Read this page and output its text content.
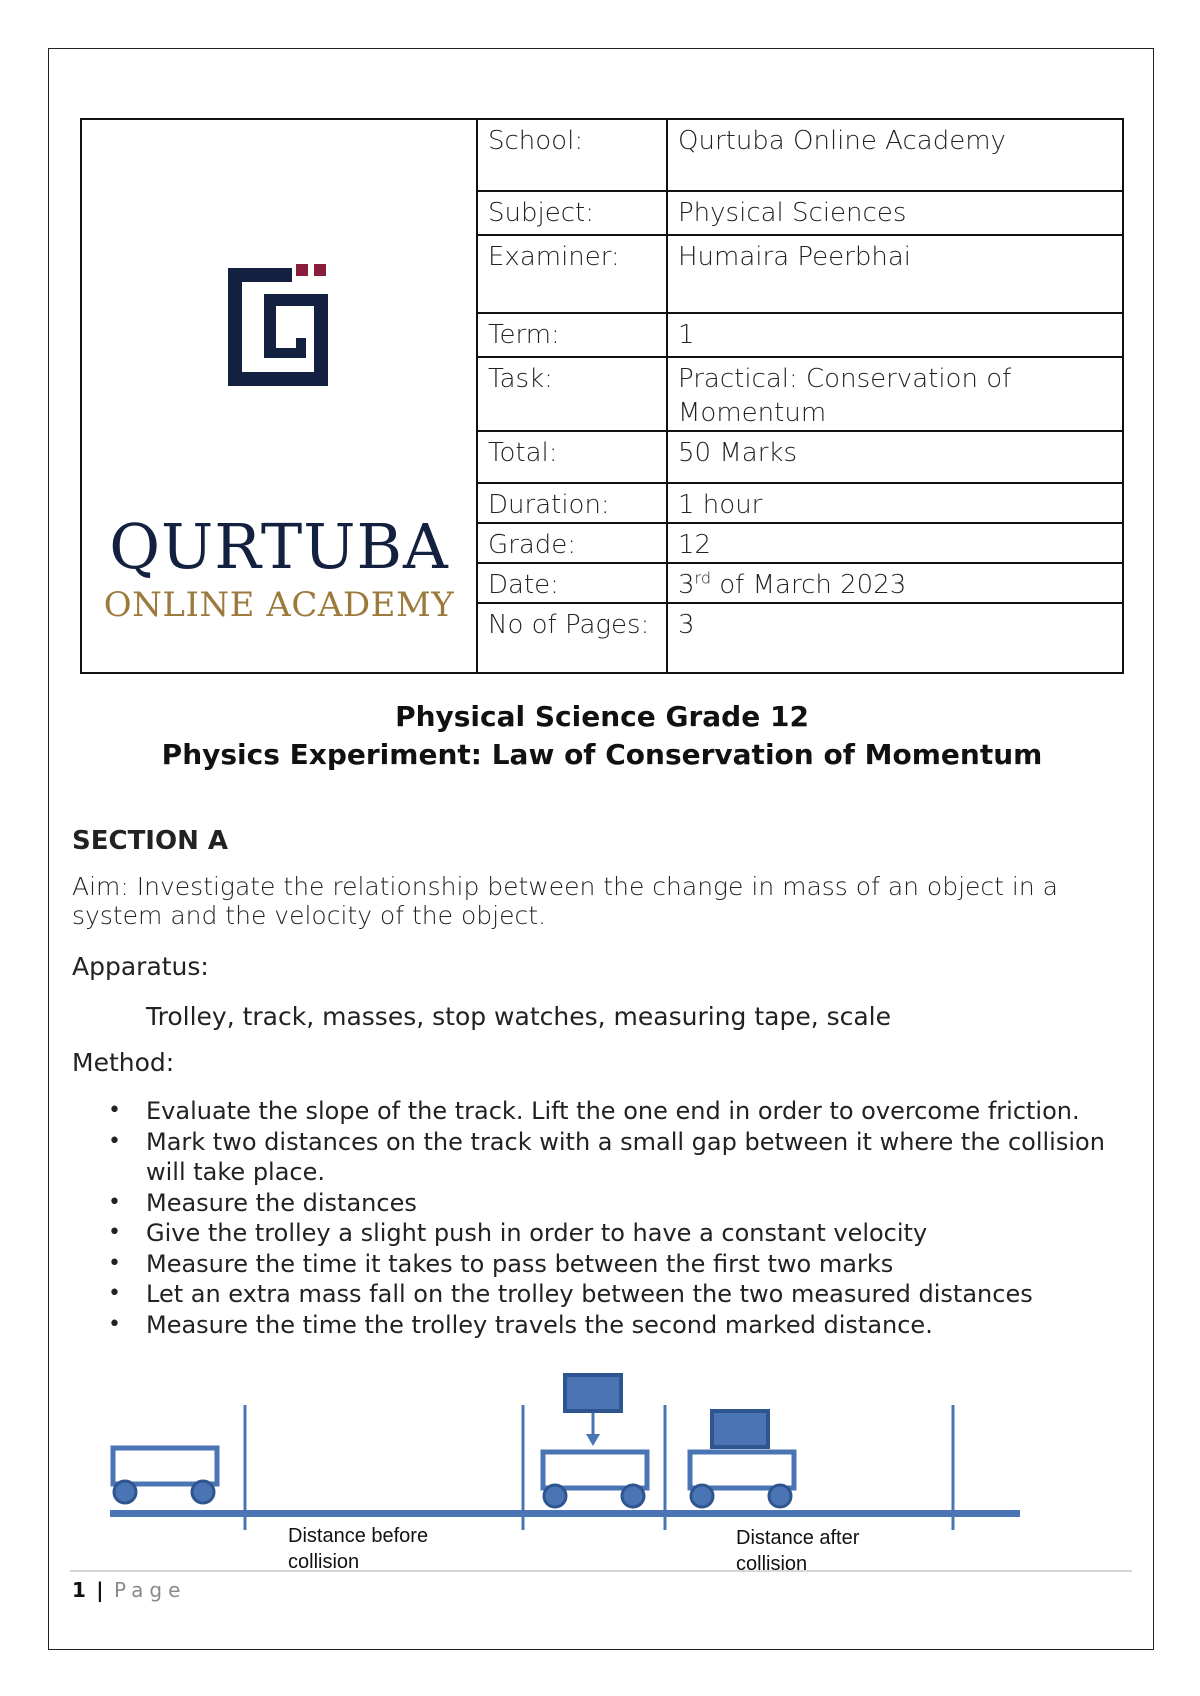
QURTUBA
ONLINE ACADEMY	School:	Qurtuba Online Academy
	Subject:	Physical Sciences
	Examiner:	Humaira Peerbhai
	Term:	1
	Task:	Practical: Conservation of Momentum
	Total:	50 Marks
	Duration:	1 hour
	Grade:	12
	Date:	3rd of March 2023
	No of Pages:	3
Physical Science Grade 12
Physics Experiment: Law of Conservation of Momentum
SECTION A
Aim: Investigate the relationship between the change in mass of an object in a system and the velocity of the object.
Apparatus:
Trolley, track, masses, stop watches, measuring tape, scale
Method:
• Evaluate the slope of the track. Lift the one end in order to overcome friction.
• Mark two distances on the track with a small gap between it where the collision will take place.
• Measure the distances
• Give the trolley a slight push in order to have a constant velocity
• Measure the time it takes to pass between the first two marks
• Let an extra mass fall on the trolley between the two measured distances
• Measure the time the trolley travels the second marked distance.
Distance before
collision
Distance after
collision
1 | Page
